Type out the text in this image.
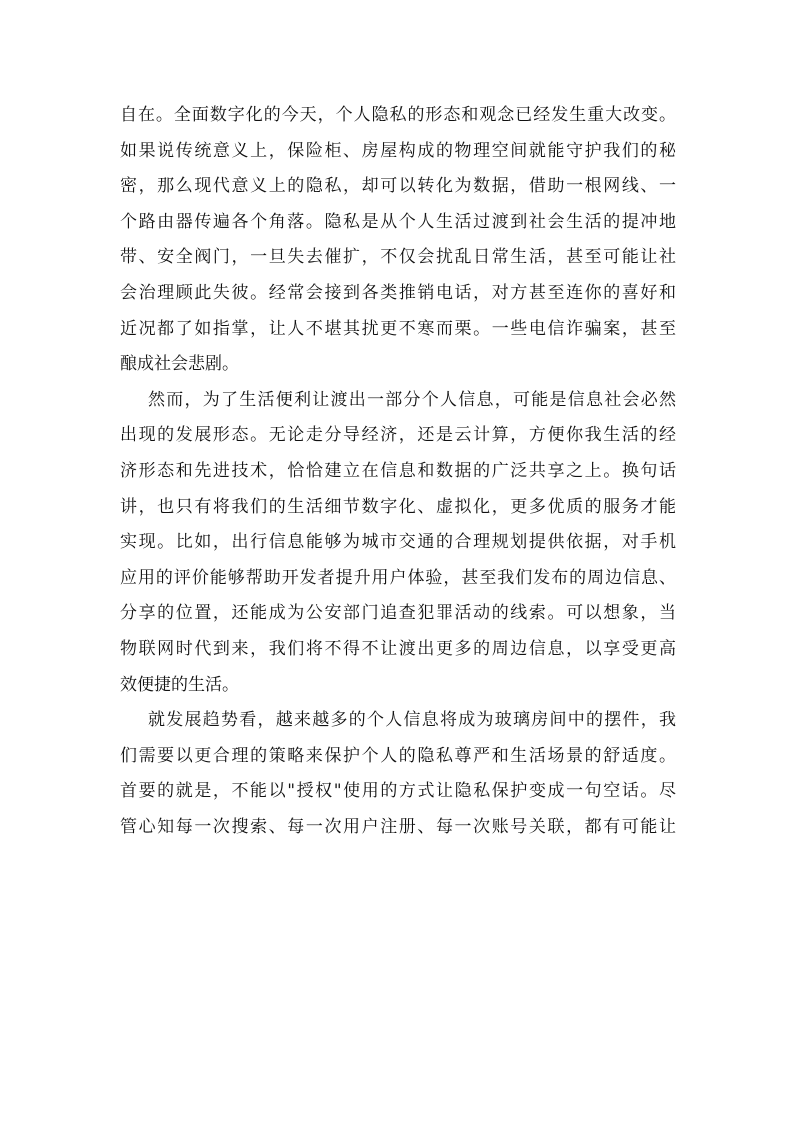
自在。全面数字化的今天，个人隐私的形态和观念已经发生重大改变。
如果说传统意义上，保险柜、房屋构成的物理空间就能守护我们的秘
密，那么现代意义上的隐私，却可以转化为数据，借助一根网线、一
个路由器传遍各个角落。隐私是从个人生活过渡到社会生活的提冲地
带、安全阀门，一旦失去催扩，不仅会扰乱日常生活，甚至可能让社
会治理顾此失彼。经常会接到各类推销电话，对方甚至连你的喜好和
近况都了如指掌，让人不堪其扰更不寒而栗。一些电信诈骗案，甚至
酿成社会悲剧。
然而，为了生活便利让渡出一部分个人信息，可能是信息社会必然
出现的发展形态。无论走分导经济，还是云计算，方便你我生活的经
济形态和先进技术，恰恰建立在信息和数据的广泛共享之上。换句话
讲，也只有将我们的生活细节数字化、虚拟化，更多优质的服务才能
实现。比如，出行信息能够为城市交通的合理规划提供依据，对手机
应用的评价能够帮助开发者提升用户体验，甚至我们发布的周边信息、
分享的位置，还能成为公安部门追查犯罪活动的线索。可以想象，当
物联网时代到来，我们将不得不让渡出更多的周边信息，以享受更高
效便捷的生活。
就发展趋势看，越来越多的个人信息将成为玻璃房间中的摆件，我
们需要以更合理的策略来保护个人的隐私尊严和生活场景的舒适度。
首要的就是，不能以"授权"使用的方式让隐私保护变成一句空话。尽
管心知每一次搜索、每一次用户注册、每一次账号关联，都有可能让
